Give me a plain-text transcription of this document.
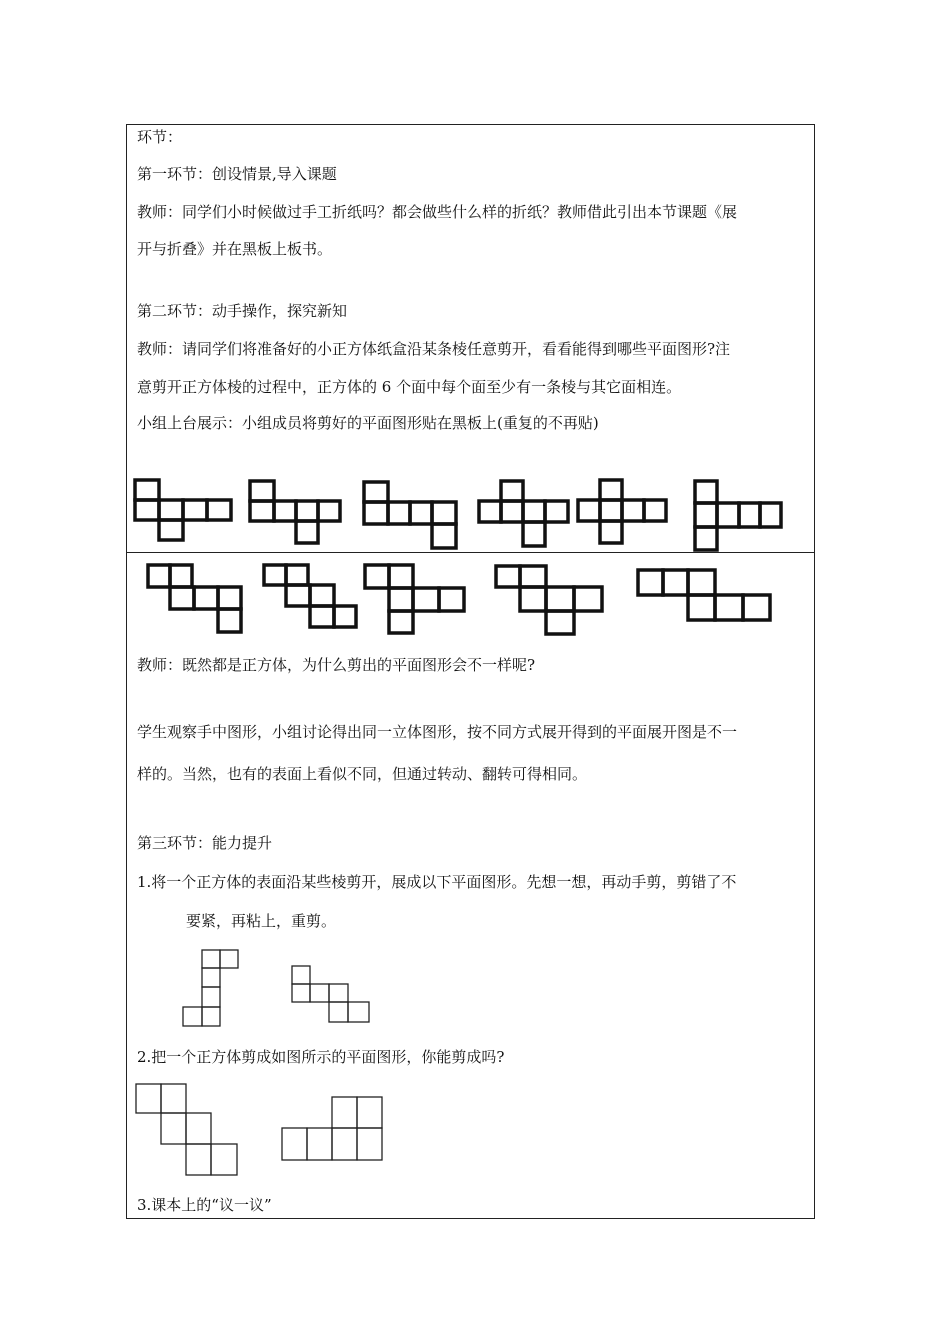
环节：
第一环节：创设情景,导入课题
教师：同学们小时候做过手工折纸吗？都会做些什么样的折纸？教师借此引出本节课题《展
开与折叠》并在黑板上板书。
第二环节：动手操作，探究新知
教师：请同学们将准备好的小正方体纸盒沿某条棱任意剪开，看看能得到哪些平面图形?注
意剪开正方体棱的过程中，正方体的 6 个面中每个面至少有一条棱与其它面相连。
小组上台展示：小组成员将剪好的平面图形贴在黑板上(重复的不再贴)
教师：既然都是正方体，为什么剪出的平面图形会不一样呢?
学生观察手中图形，小组讨论得出同一立体图形，按不同方式展开得到的平面展开图是不一
样的。当然，也有的表面上看似不同，但通过转动、翻转可得相同。
第三环节：能力提升
1.将一个正方体的表面沿某些棱剪开，展成以下平面图形。先想一想，再动手剪，剪错了不
要紧，再粘上，重剪。
2.把一个正方体剪成如图所示的平面图形，你能剪成吗?
3.课本上的“议一议”
